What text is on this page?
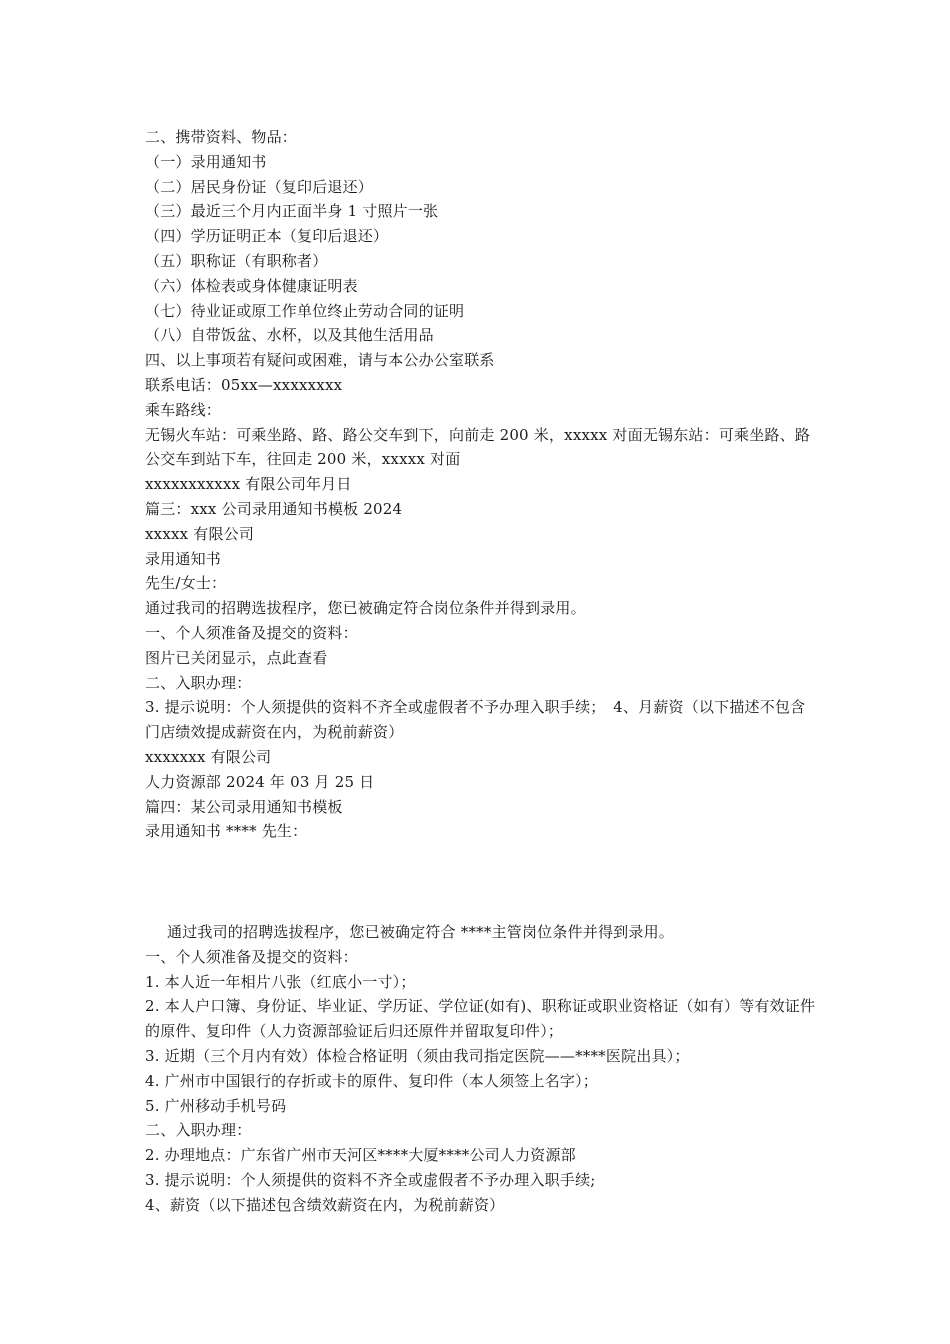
二、携带资料、物品：
（一）录用通知书
（二）居民身份证（复印后退还）
（三）最近三个月内正面半身 1 寸照片一张
（四）学历证明正本（复印后退还）
（五）职称证（有职称者）
（六）体检表或身体健康证明表
（七）待业证或原工作单位终止劳动合同的证明
（八）自带饭盆、水杯，以及其他生活用品
四、以上事项若有疑问或困难，请与本公办公室联系
联系电话：05xx—xxxxxxxx
乘车路线：
无锡火车站：可乘坐路、路、路公交车到下，向前走 200 米，xxxxx 对面无锡东站：可乘坐路、路公交车到站下车，往回走 200 米，xxxxx 对面
xxxxxxxxxxx 有限公司年月日
篇三：xxx 公司录用通知书模板 2024
xxxxx 有限公司
录用通知书
先生/女士：
通过我司的招聘选拔程序，您已被确定符合岗位条件并得到录用。
一、个人须准备及提交的资料：
图片已关闭显示，点此查看
二、入职办理：
3. 提示说明：个人须提供的资料不齐全或虚假者不予办理入职手续；　4、月薪资（以下描述不包含门店绩效提成薪资在内，为税前薪资）
xxxxxxx 有限公司
人力资源部 2024 年 03 月 25 日
篇四：某公司录用通知书模板
录用通知书 **** 先生：
通过我司的招聘选拔程序，您已被确定符合 ****主管岗位条件并得到录用。
一、个人须准备及提交的资料：
1. 本人近一年相片八张（红底小一寸）；
2. 本人户口簿、身份证、毕业证、学历证、学位证(如有)、职称证或职业资格证（如有）等有效证件的原件、复印件（人力资源部验证后归还原件并留取复印件）；
3. 近期（三个月内有效）体检合格证明（须由我司指定医院——****医院出具）；
4. 广州市中国银行的存折或卡的原件、复印件（本人须签上名字）；
5. 广州移动手机号码
二、入职办理：
2. 办理地点：广东省广州市天河区****大厦****公司人力资源部
3. 提示说明：个人须提供的资料不齐全或虚假者不予办理入职手续;
4、薪资（以下描述包含绩效薪资在内，为税前薪资）
